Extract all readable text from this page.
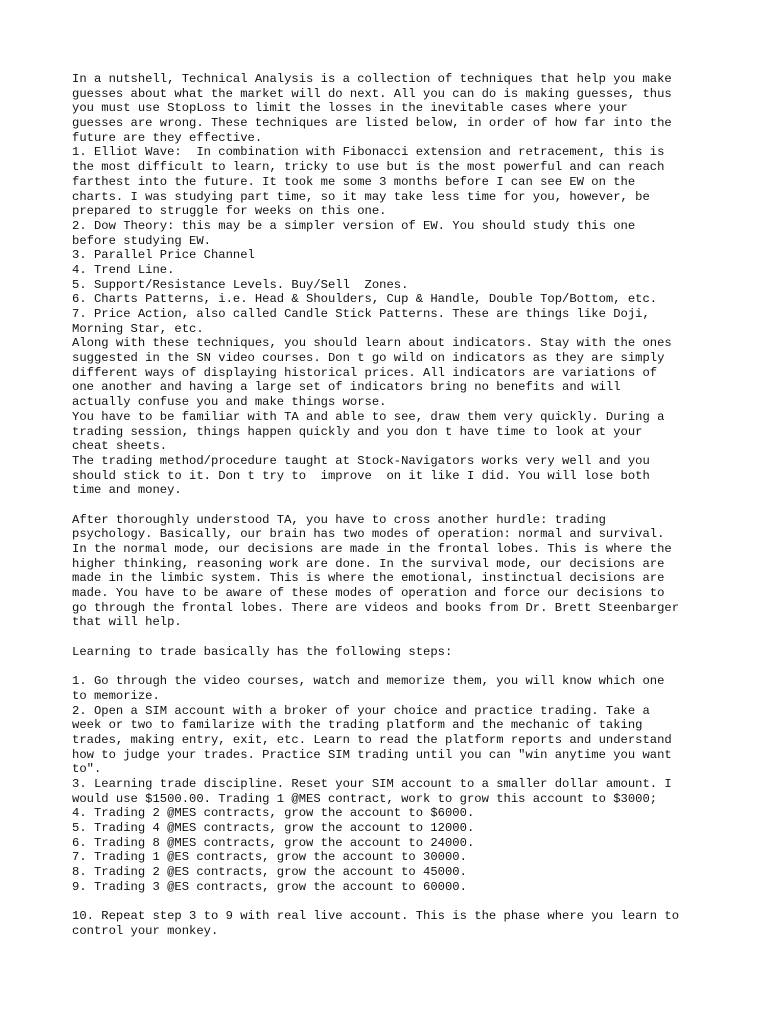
In a nutshell, Technical Analysis is a collection of techniques that help you make
guesses about what the market will do next. All you can do is making guesses, thus
you must use StopLoss to limit the losses in the inevitable cases where your
guesses are wrong. These techniques are listed below, in order of how far into the
future are they effective.
1. Elliot Wave:  In combination with Fibonacci extension and retracement, this is
the most difficult to learn, tricky to use but is the most powerful and can reach
farthest into the future. It took me some 3 months before I can see EW on the
charts. I was studying part time, so it may take less time for you, however, be
prepared to struggle for weeks on this one.
2. Dow Theory: this may be a simpler version of EW. You should study this one
before studying EW.
3. Parallel Price Channel
4. Trend Line.
5. Support/Resistance Levels. Buy/Sell  Zones.
6. Charts Patterns, i.e. Head & Shoulders, Cup & Handle, Double Top/Bottom, etc.
7. Price Action, also called Candle Stick Patterns. These are things like Doji,
Morning Star, etc.
Along with these techniques, you should learn about indicators. Stay with the ones
suggested in the SN video courses. Don t go wild on indicators as they are simply
different ways of displaying historical prices. All indicators are variations of
one another and having a large set of indicators bring no benefits and will
actually confuse you and make things worse.
You have to be familiar with TA and able to see, draw them very quickly. During a
trading session, things happen quickly and you don t have time to look at your
cheat sheets.
The trading method/procedure taught at Stock-Navigators works very well and you
should stick to it. Don t try to  improve  on it like I did. You will lose both
time and money.
After thoroughly understood TA, you have to cross another hurdle: trading
psychology. Basically, our brain has two modes of operation: normal and survival.
In the normal mode, our decisions are made in the frontal lobes. This is where the
higher thinking, reasoning work are done. In the survival mode, our decisions are
made in the limbic system. This is where the emotional, instinctual decisions are
made. You have to be aware of these modes of operation and force our decisions to
go through the frontal lobes. There are videos and books from Dr. Brett Steenbarger
that will help.
Learning to trade basically has the following steps:
1. Go through the video courses, watch and memorize them, you will know which one
to memorize.
2. Open a SIM account with a broker of your choice and practice trading. Take a
week or two to familarize with the trading platform and the mechanic of taking
trades, making entry, exit, etc. Learn to read the platform reports and understand
how to judge your trades. Practice SIM trading until you can "win anytime you want
to".
3. Learning trade discipline. Reset your SIM account to a smaller dollar amount. I
would use $1500.00. Trading 1 @MES contract, work to grow this account to $3000;
4. Trading 2 @MES contracts, grow the account to $6000.
5. Trading 4 @MES contracts, grow the account to 12000.
6. Trading 8 @MES contracts, grow the account to 24000.
7. Trading 1 @ES contracts, grow the account to 30000.
8. Trading 2 @ES contracts, grow the account to 45000.
9. Trading 3 @ES contracts, grow the account to 60000.
10. Repeat step 3 to 9 with real live account. This is the phase where you learn to
control your monkey.
